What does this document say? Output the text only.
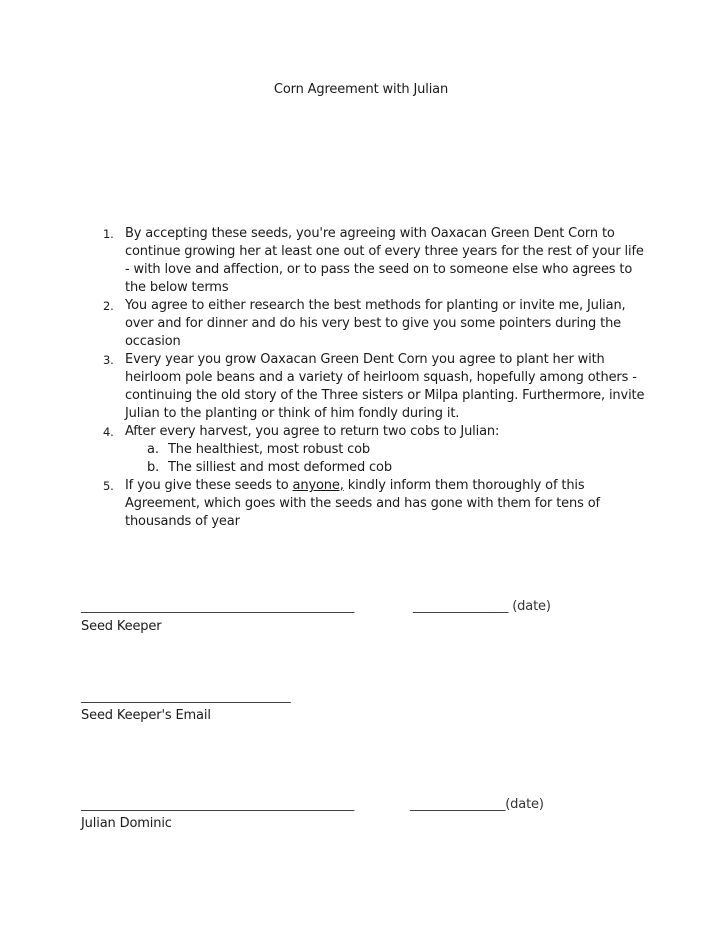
Corn Agreement with Julian
1. By accepting these seeds, you're agreeing with Oaxacan Green Dent Corn to continue growing her at least one out of every three years for the rest of your life - with love and affection, or to pass the seed on to someone else who agrees to the below terms
2. You agree to either research the best methods for planting or invite me, Julian, over and for dinner and do his very best to give you some pointers during the occasion
3. Every year you grow Oaxacan Green Dent Corn you agree to plant her with heirloom pole beans and a variety of heirloom squash, hopefully among others - continuing the old story of the Three sisters or Milpa planting. Furthermore, invite Julian to the planting or think of him fondly during it.
4. After every harvest, you agree to return two cobs to Julian:
a. The healthiest, most robust cob
b. The silliest and most deformed cob
5. If you give these seeds to anyone, kindly inform them thoroughly of this Agreement, which goes with the seeds and has gone with them for tens of thousands of year
___________________________________________	_______________ (date)
Seed Keeper
_________________________________
Seed Keeper's Email
___________________________________________	_______________(date)
Julian Dominic
